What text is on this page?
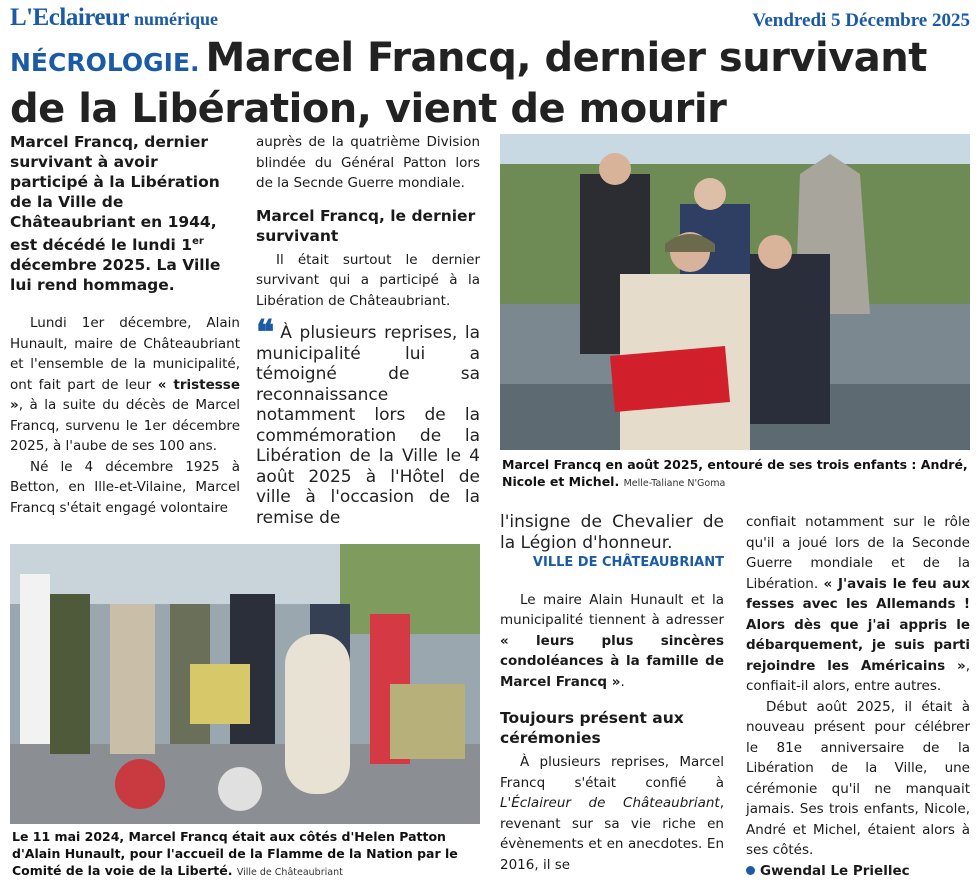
L'Eclaireur numérique	Vendredi 5 Décembre 2025
NÉCROLOGIE. Marcel Francq, dernier survivant de la Libération, vient de mourir

Marcel Francq, dernier survivant à avoir participé à la Libération de la Ville de Châteaubriant en 1944, est décédé le lundi 1er décembre 2025. La Ville lui rend hommage.

Lundi 1er décembre, Alain Hunault, maire de Châteaubriant et l'ensemble de la municipalité, ont fait part de leur « tristesse », à la suite du décès de Marcel Francq, survenu le 1er décembre 2025, à l'aube de ses 100 ans.

Né le 4 décembre 1925 à Betton, en Ille-et-Vilaine, Marcel Francq s'était engagé volontaire

auprès de la quatrième Division blindée du Général Patton lors de la Secnde Guerre mondiale.

Marcel Francq, le dernier survivant

Il était surtout le dernier survivant qui a participé à la Libération de Châteaubriant.

❝ À plusieurs reprises, la municipalité lui a témoigné de sa reconnaissance notamment lors de la commémoration de la Libération de la Ville le 4 août 2025 à l'Hôtel de ville à l'occasion de la remise de

Marcel Francq en août 2025, entouré de ses trois enfants : André, Nicole et Michel. Melle-Taliane N'Goma
Le 11 mai 2024, Marcel Francq était aux côtés d'Helen Patton d'Alain Hunault, pour l'accueil de la Flamme de la Nation par le Comité de la voie de la Liberté. Ville de Châteaubriant

l'insigne de Chevalier de la Légion d'honneur.

VILLE DE CHÂTEAUBRIANT

Le maire Alain Hunault et la municipalité tiennent à adresser « leurs plus sincères condoléances à la famille de Marcel Francq ».

Toujours présent aux cérémonies

À plusieurs reprises, Marcel Francq s'était confié à L'Éclaireur de Châteaubriant, revenant sur sa vie riche en évènements et en anecdotes. En 2016, il se

confiait notamment sur le rôle qu'il a joué lors de la Seconde Guerre mondiale et de la Libération. « J'avais le feu aux fesses avec les Allemands ! Alors dès que j'ai appris le débarquement, je suis parti rejoindre les Américains », confiait-il alors, entre autres.

Début août 2025, il était à nouveau présent pour célébrer le 81e anniversaire de la Libération de la Ville, une cérémonie qu'il ne manquait jamais. Ses trois enfants, Nicole, André et Michel, étaient alors à ses côtés.

Gwendal Le Priellec
